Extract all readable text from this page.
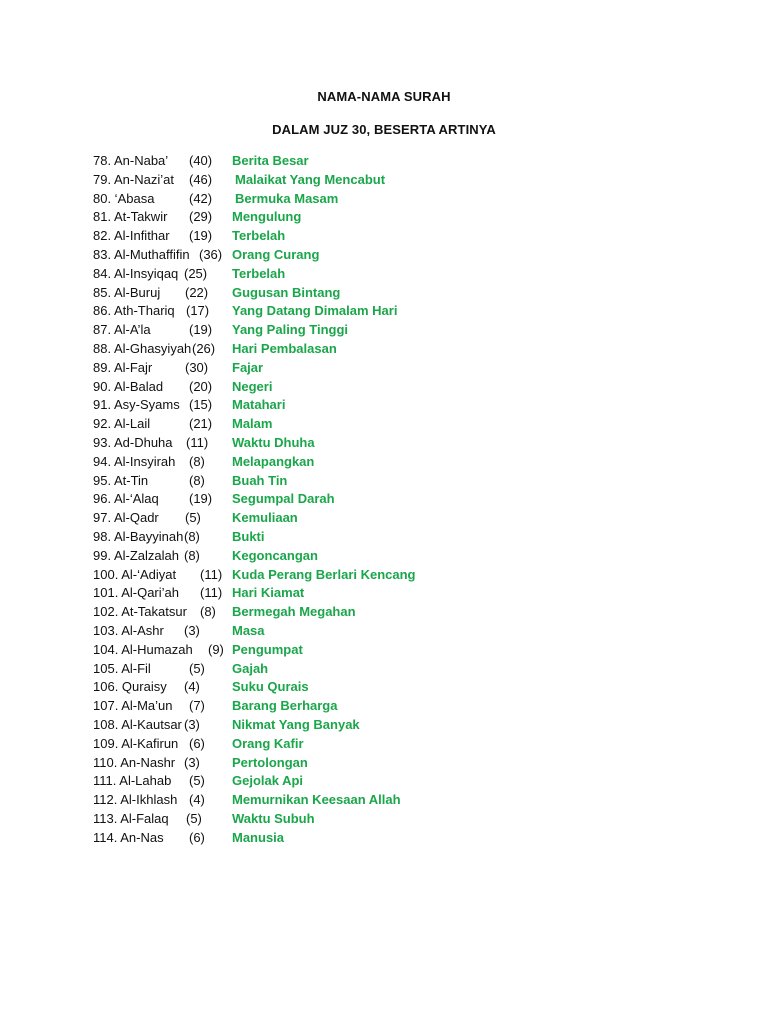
NAMA-NAMA SURAH
DALAM JUZ 30, BESERTA ARTINYA
78. An-Naba’ (40) Berita Besar
79. An-Nazi’at (46) Malaikat Yang Mencabut
80. ‘Abasa	(42) Bermuka Masam
81. At-Takwir (29) Mengulung
82. Al-Infithar (19) Terbelah
83. Al-Muthaffifin (36) Orang Curang
84. Al-Insyiqaq (25) Terbelah
85. Al-Buruj (22) Gugusan Bintang
86. Ath-Thariq (17) Yang Datang Dimalam Hari
87. Al-A’la	(19) Yang Paling Tinggi
88. Al-Ghasyiyah (26) Hari Pembalasan
89. Al-Fajr	(30) Fajar
90. Al-Balad (20) Negeri
91. Asy-Syams (15) Matahari
92. Al-Lail	(21) Malam
93. Ad-Dhuha (11) Waktu Dhuha
94. Al-Insyirah (8) Melapangkan
95. At-Tin	(8) Buah Tin
96. Al-‘Alaq (19) Segumpal Darah
97. Al-Qadr (5) Kemuliaan
98. Al-Bayyinah (8) Bukti
99. Al-Zalzalah (8) Kegoncangan
100. Al-‘Adiyat (11) Kuda Perang Berlari Kencang
101. Al-Qari’ah (11) Hari Kiamat
102. At-Takatsur (8) Bermegah Megahan
103. Al-Ashr (3) Masa
104. Al-Humazah (9) Pengumpat
105. Al-Fil	(5) Gajah
106. Quraisy (4) Suku Qurais
107. Al-Ma’un (7) Barang Berharga
108. Al-Kautsar (3) Nikmat Yang Banyak
109. Al-Kafirun (6) Orang Kafir
110. An-Nashr (3) Pertolongan
111. Al-Lahab (5) Gejolak Api
112. Al-Ikhlash (4) Memurnikan Keesaan Allah
113. Al-Falaq (5) Waktu Subuh
114. An-Nas (6) Manusia
